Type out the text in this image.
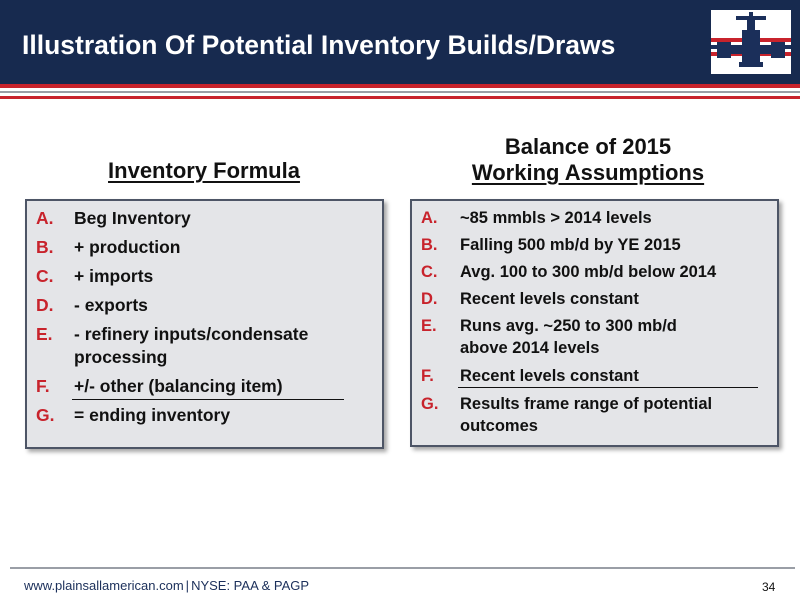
Illustration Of Potential Inventory Builds/Draws
Inventory Formula
Balance of 2015
Working Assumptions
A. Beg Inventory
B. + production
C. + imports
D. - exports
E. - refinery inputs/condensate
processing
F. +/- other (balancing item)
G. = ending inventory
A. ~85 mmbls > 2014 levels
B. Falling 500 mb/d by YE 2015
C. Avg. 100 to 300 mb/d below 2014
D. Recent levels constant
E. Runs avg. ~250 to 300 mb/d
above 2014 levels
F. Recent levels constant
G. Results frame range of potential
outcomes
www.plainsallamerican.com | NYSE: PAA & PAGP	34
